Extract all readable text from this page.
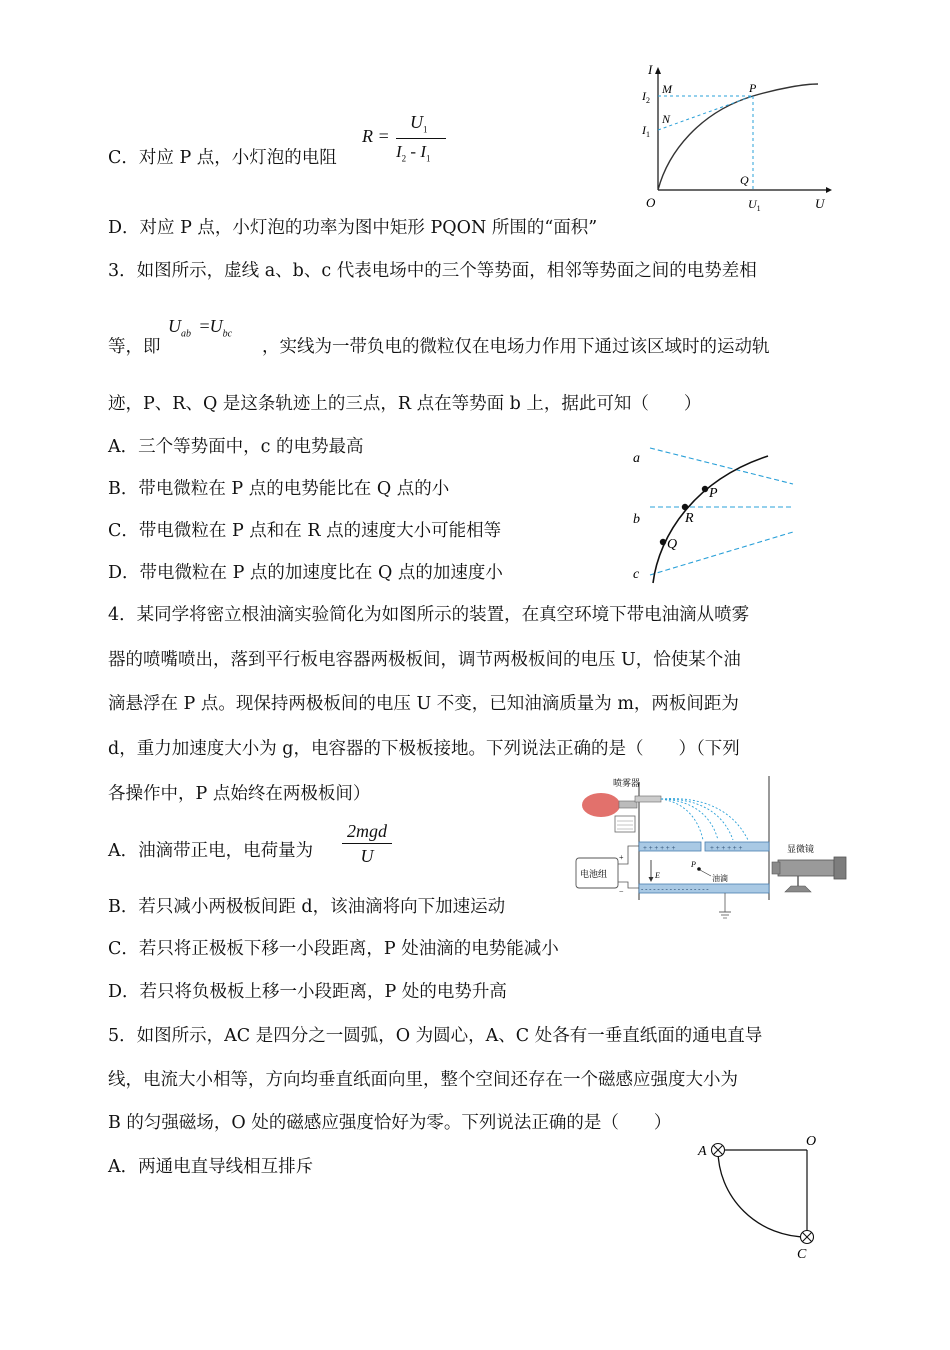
C．对应 P 点，小灯泡的电阻
R =
$U_1$
$I_2 - I_1$
I
U
O
M
N
P
Q
$I_2$
$I_1$
$U_1$
D．对应 P 点，小灯泡的功率为图中矩形 PQON 所围的“面积”
3．如图所示，虚线 a、b、c 代表电场中的三个等势面，相邻等势面之间的电势差相
等，即
$U_{ab} =U_{bc}$
，实线为一带负电的微粒仅在电场力作用下通过该区域时的运动轨
迹，P、R、Q 是这条轨迹上的三点，R 点在等势面 b 上，据此可知（　　）
A．三个等势面中，c 的电势最高
B．带电微粒在 P 点的电势能比在 Q 点的小
C．带电微粒在 P 点和在 R 点的速度大小可能相等
D．带电微粒在 P 点的加速度比在 Q 点的加速度小
a
b
c
P
R
Q
4．某同学将密立根油滴实验简化为如图所示的装置，在真空环境下带电油滴从喷雾
器的喷嘴喷出，落到平行板电容器两极板间，调节两极板间的电压 U，恰使某个油
滴悬浮在 P 点。现保持两极板间的电压 U 不变，已知油滴质量为 m，两板间距为
d，重力加速度大小为 g，电容器的下极板接地。下列说法正确的是（　　）（下列
各操作中，P 点始终在两极板间）
A．油滴带正电，电荷量为
2mgd
U
B．若只减小两极板间距 d，该油滴将向下加速运动
C．若只将正极板下移一小段距离，P 处油滴的电势能减小
D．若只将负极板上移一小段距离，P 处的电势升高
喷雾器
+ + + + + +	+ + + + + +
- - - - - - - - - - - - - - - - -
E
P
油滴
电池组
+
−
显微镜
5．如图所示，AC 是四分之一圆弧，O 为圆心，A、C 处各有一垂直纸面的通电直导
线，电流大小相等，方向均垂直纸面向里，整个空间还存在一个磁感应强度大小为
B 的匀强磁场，O 处的磁感应强度恰好为零。下列说法正确的是（　　）
A．两通电直导线相互排斥
A
O
C
